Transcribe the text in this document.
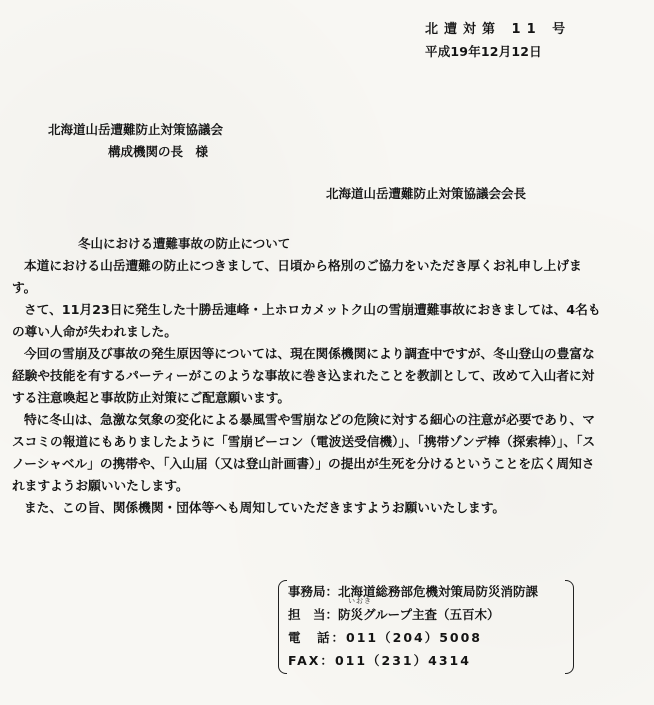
北遭対第 11 号
平成19年12月12日
北海道山岳遭難防止対策協議会
構成機関の長　様
北海道山岳遭難防止対策協議会会長
冬山における遭難事故の防止について

本道における山岳遭難の防止につきまして、日頃から格別のご協力をいただき厚くお礼申し上げます。

さて、11月23日に発生した十勝岳連峰・上ホロカメットク山の雪崩遭難事故におきましては、4名もの尊い人命が失われました。

今回の雪崩及び事故の発生原因等については、現在関係機関により調査中ですが、冬山登山の豊富な経験や技能を有するパーティーがこのような事故に巻き込まれたことを教訓として、改めて入山者に対する注意喚起と事故防止対策にご配意願います。

特に冬山は、急激な気象の変化による暴風雪や雪崩などの危険に対する細心の注意が必要であり、マスコミの報道にもありましたように「雪崩ビーコン（電波送受信機）」、「携帯ゾンデ棒（探索棒）」、「スノーシャベル」の携帯や、「入山届（又は登山計画書）」の提出が生死を分けるということを広く周知されますようお願いいたします。

また、この旨、関係機関・団体等へも周知していただきますようお願いいたします。

事務局：北海道総務部危機対策局防災消防課
担　当：
いおき
防災グループ主査（五百木）
電　話：011（204）5008
FAX：011（231）4314
